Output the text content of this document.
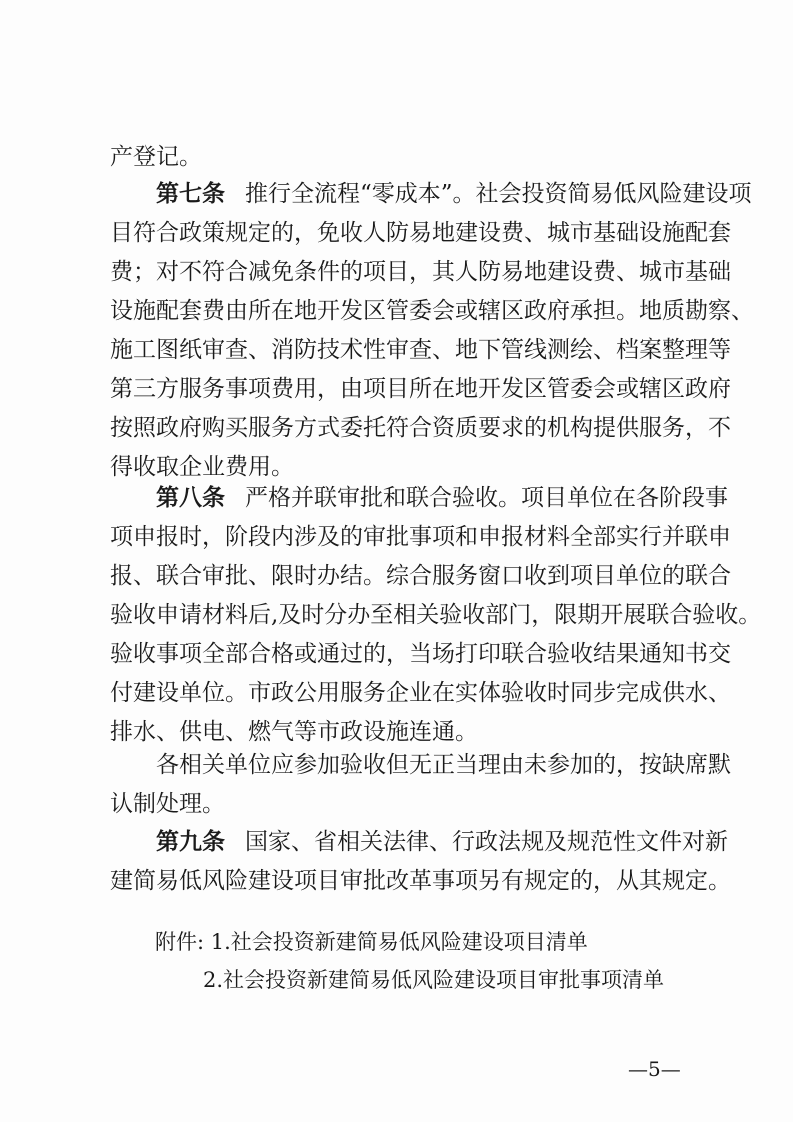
产登记。
第七条 推行全流程“零成本”。社会投资简易低风险建设项
目符合政策规定的，免收人防易地建设费、城市基础设施配套
费；对不符合减免条件的项目，其人防易地建设费、城市基础
设施配套费由所在地开发区管委会或辖区政府承担。地质勘察、
施工图纸审查、消防技术性审查、地下管线测绘、档案整理等
第三方服务事项费用，由项目所在地开发区管委会或辖区政府
按照政府购买服务方式委托符合资质要求的机构提供服务，不
得收取企业费用。
第八条 严格并联审批和联合验收。项目单位在各阶段事
项申报时，阶段内涉及的审批事项和申报材料全部实行并联申
报、联合审批、限时办结。综合服务窗口收到项目单位的联合
验收申请材料后,及时分办至相关验收部门，限期开展联合验收。
验收事项全部合格或通过的，当场打印联合验收结果通知书交
付建设单位。市政公用服务企业在实体验收时同步完成供水、
排水、供电、燃气等市政设施连通。
各相关单位应参加验收但无正当理由未参加的，按缺席默
认制处理。
第九条 国家、省相关法律、行政法规及规范性文件对新
建简易低风险建设项目审批改革事项另有规定的，从其规定。
附件: 1.社会投资新建简易低风险建设项目清单
2.社会投资新建简易低风险建设项目审批事项清单
—5—
